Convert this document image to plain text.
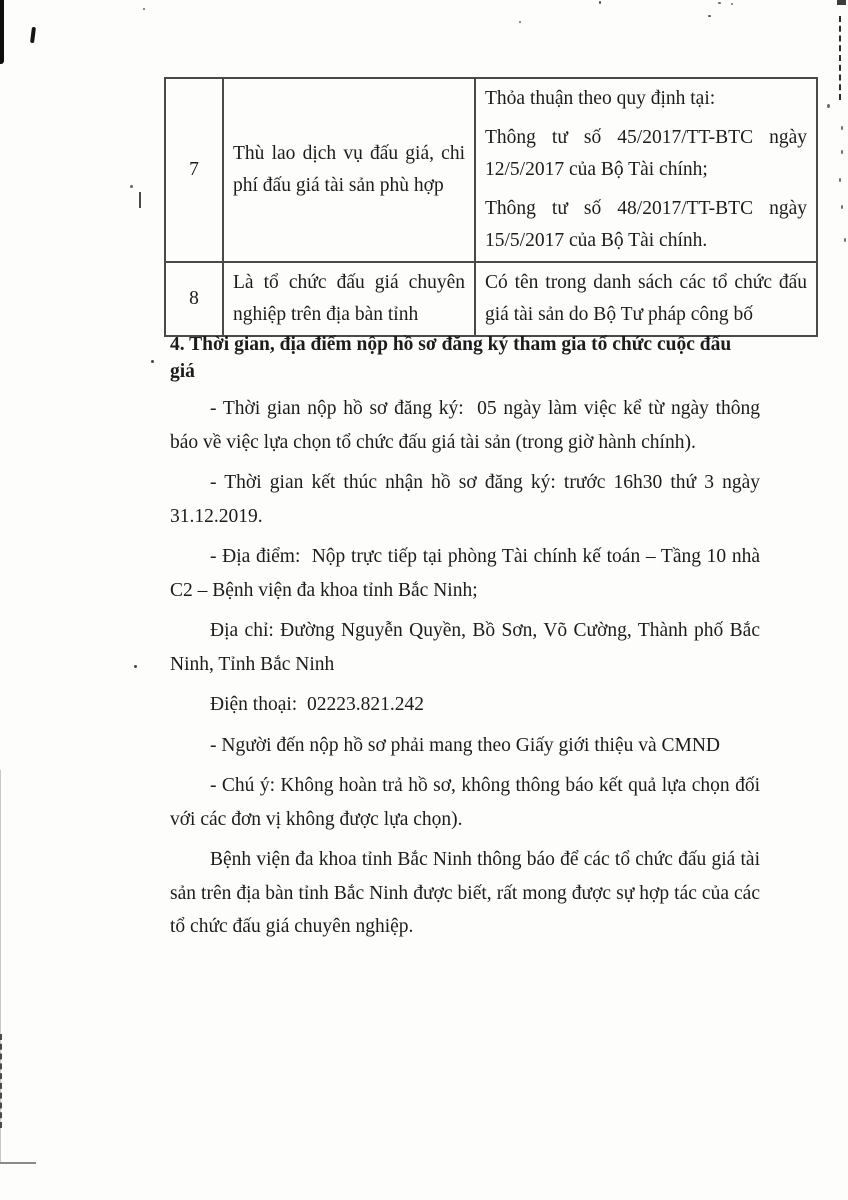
7	Thù lao dịch vụ đấu giá, chi phí đấu giá tài sản phù hợp	Thỏa thuận theo quy định tại:

Thông tư số 45/2017/TT-BTC ngày 12/5/2017 của Bộ Tài chính;

Thông tư số 48/2017/TT-BTC ngày 15/5/2017 của Bộ Tài chính.

8	Là tổ chức đấu giá chuyên nghiệp trên địa bàn tỉnh	Có tên trong danh sách các tổ chức đấu giá tài sản do Bộ Tư pháp công bố

4. Thời gian, địa điểm nộp hồ sơ đăng ký tham gia tổ chức cuộc đấu giá

- Thời gian nộp hồ sơ đăng ký:  05 ngày làm việc kể từ ngày thông báo về việc lựa chọn tổ chức đấu giá tài sản (trong giờ hành chính).

- Thời gian kết thúc nhận hồ sơ đăng ký: trước 16h30 thứ 3 ngày 31.12.2019.

- Địa điểm:  Nộp trực tiếp tại phòng Tài chính kế toán – Tầng 10 nhà C2 – Bệnh viện đa khoa tỉnh Bắc Ninh;

Địa chỉ: Đường Nguyễn Quyền, Bồ Sơn, Võ Cường, Thành phố Bắc Ninh, Tỉnh Bắc Ninh

Điện thoại:  02223.821.242

- Người đến nộp hồ sơ phải mang theo Giấy giới thiệu và CMND

- Chú ý: Không hoàn trả hồ sơ, không thông báo kết quả lựa chọn đối với các đơn vị không được lựa chọn).

Bệnh viện đa khoa tỉnh Bắc Ninh thông báo để các tổ chức đấu giá tài sản trên địa bàn tỉnh Bắc Ninh được biết, rất mong được sự hợp tác của các tổ chức đấu giá chuyên nghiệp.
